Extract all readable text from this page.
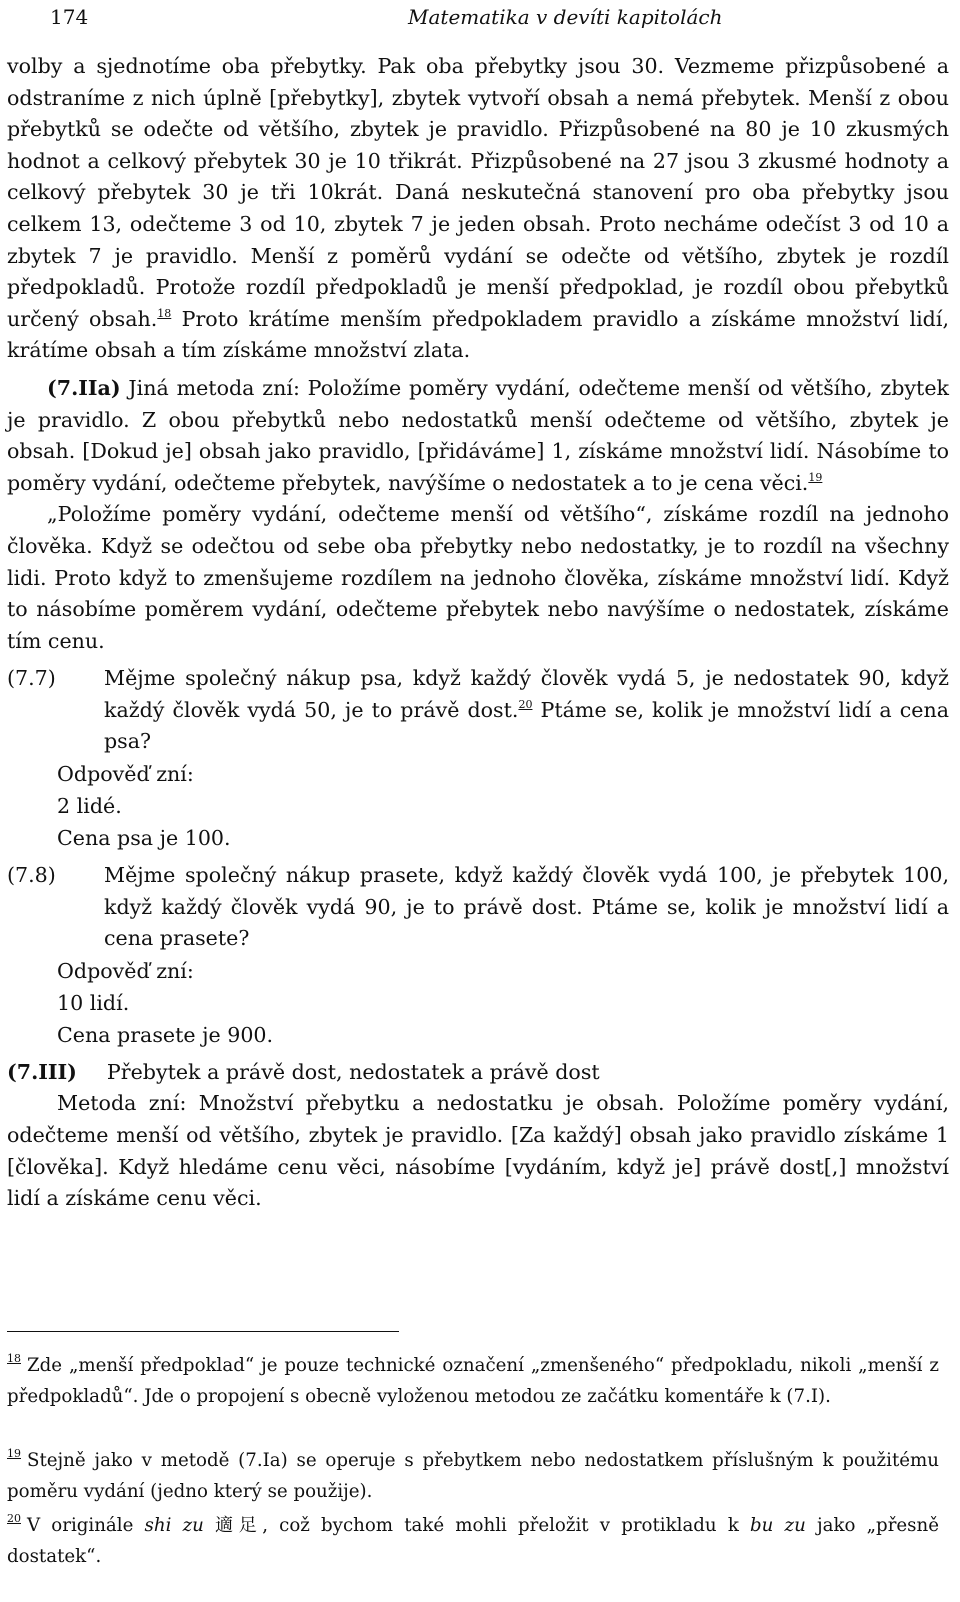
174	Matematika v devíti kapitolách

volby a sjednotíme oba přebytky. Pak oba přebytky jsou 30. Vezmeme přizpůsobené a odstraníme z nich úplně [přebytky], zbytek vytvoří obsah a nemá přebytek. Menší z obou přebytků se odečte od většího, zbytek je pravidlo. Přizpůsobené na 80 je 10 zkusmých hodnot a celkový přebytek 30 je 10 třikrát. Přizpůsobené na 27 jsou 3 zkusmé hodnoty a celkový přebytek 30 je tři 10krát. Daná neskutečná stanovení pro oba přebytky jsou celkem 13, odečteme 3 od 10, zbytek 7 je jeden obsah. Proto necháme odečíst 3 od 10 a zbytek 7 je pravidlo. Menší z poměrů vydání se odečte od většího, zbytek je rozdíl předpokladů. Protože rozdíl předpokladů je menší předpoklad, je rozdíl obou přebytků určený obsah.$^{18}$ Proto krátíme menším předpokladem pravidlo a získáme množství lidí, krátíme obsah a tím získáme množství zlata.

(7.IIa) Jiná metoda zní: Položíme poměry vydání, odečteme menší od většího, zbytek je pravidlo. Z obou přebytků nebo nedostatků menší odečteme od většího, zbytek je obsah. [Dokud je] obsah jako pravidlo, [přidáváme] 1, získáme množství lidí. Násobíme to poměry vydání, odečteme přebytek, navýšíme o nedostatek a to je cena věci.$^{19}$

„Položíme poměry vydání, odečteme menší od většího“, získáme rozdíl na jednoho člověka. Když se odečtou od sebe oba přebytky nebo nedostatky, je to rozdíl na všechny lidi. Proto když to zmenšujeme rozdílem na jednoho člověka, získáme množství lidí. Když to násobíme poměrem vydání, odečteme přebytek nebo navýšíme o nedostatek, získáme tím cenu.

(7.7) Mějme společný nákup psa, když každý člověk vydá 5, je nedostatek 90, když každý člověk vydá 50, je to právě dost.$^{20}$ Ptáme se, kolik je množství lidí a cena psa?

Odpověď zní:
2 lidé.
Cena psa je 100.
(7.8) Mějme společný nákup prasete, když každý člověk vydá 100, je přebytek 100, když každý člověk vydá 90, je to právě dost. Ptáme se, kolik je množství lidí a cena prasete?

Odpověď zní:
10 lidí.
Cena prasete je 900.
(7.III) Přebytek a právě dost, nedostatek a právě dost

Metoda zní: Množství přebytku a nedostatku je obsah. Položíme poměry vydání, odečteme menší od většího, zbytek je pravidlo. [Za každý] obsah jako pravidlo získáme 1 [člověka]. Když hledáme cenu věci, násobíme [vydáním, když je] právě dost[,] množství lidí a získáme cenu věci.

$^{18}$ Zde „menší předpoklad“ je pouze technické označení „zmenšeného“ předpokladu, nikoli „menší z předpokladů“. Jde o propojení s obecně vyloženou metodou ze začátku komentáře k (7.I).
$^{19}$ Stejně jako v metodě (7.Ia) se operuje s přebytkem nebo nedostatkem příslušným k použitému poměru vydání (jedno který se použije).
$^{20}$ V originále shi zu 適足, což bychom také mohli přeložit v protikladu k bu zu jako „přesně dostatek“.
